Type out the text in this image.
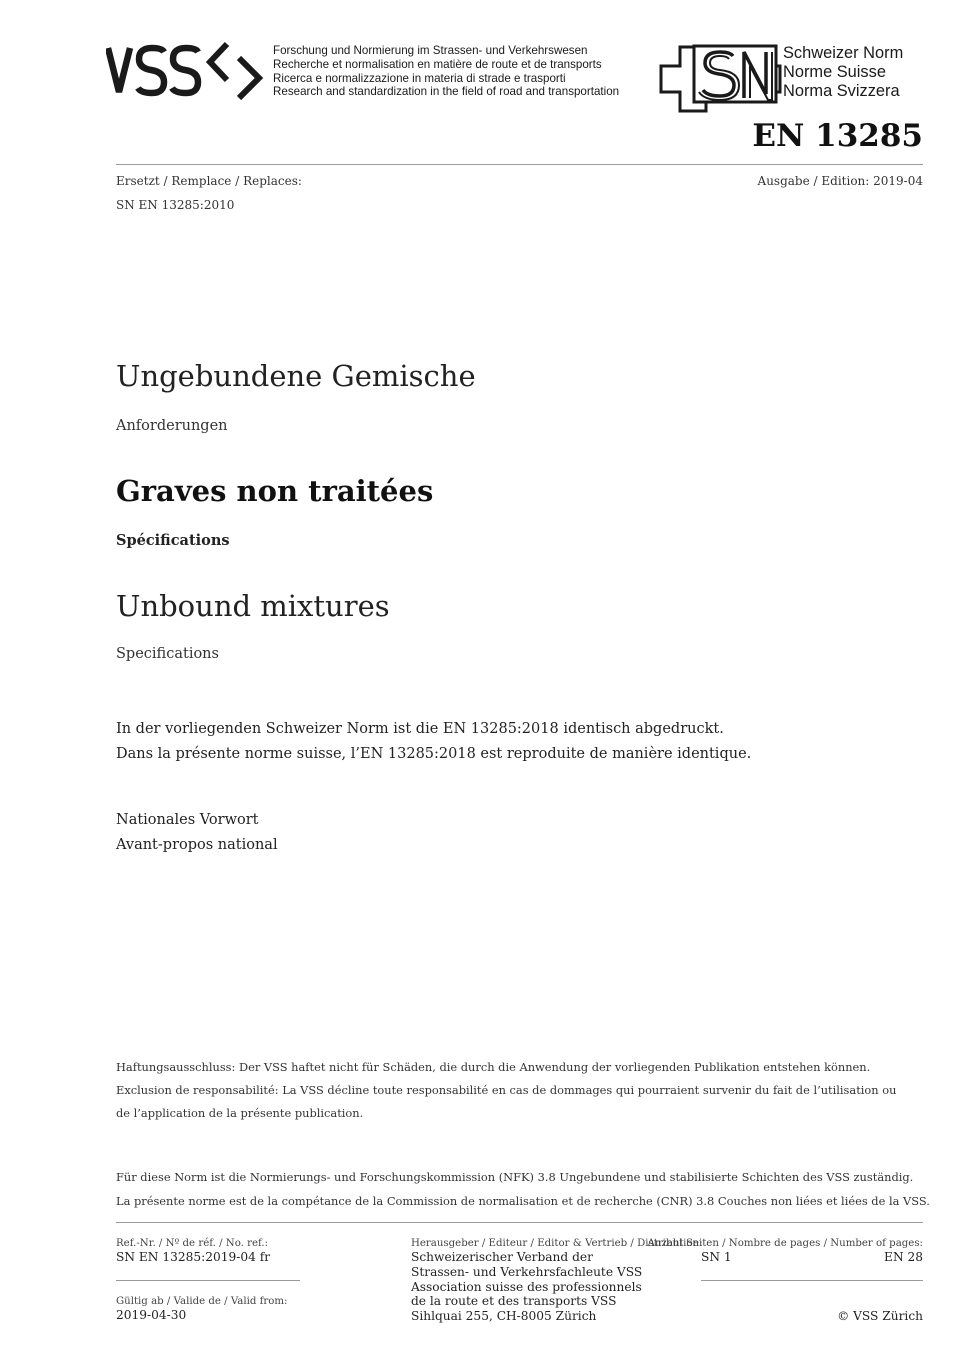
Forschung und Normierung im Strassen- und Verkehrswesen
Recherche et normalisation en matière de route et de transports
Ricerca e normalizzazione in materia di strade e trasporti
Research and standardization in the field of road and transportation
Schweizer Norm
Norme Suisse
Norma Svizzera
EN 13285
Ersetzt / Remplace / Replaces:
SN EN 13285:2010
Ausgabe / Edition: 2019-04
Ungebundene Gemische
Anforderungen
Graves non traitées
Spécifications
Unbound mixtures
Specifications
In der vorliegenden Schweizer Norm ist die EN 13285:2018 identisch abgedruckt.
Dans la présente norme suisse, l’EN 13285:2018 est reproduite de manière identique.
Nationales Vorwort
Avant-propos national
Haftungsausschluss: Der VSS haftet nicht für Schäden, die durch die Anwendung der vorliegenden Publikation entstehen können.
Exclusion de responsabilité: La VSS décline toute responsabilité en cas de dommages qui pourraient survenir du fait de l’utilisation ou
de l’application de la présente publication.
Für diese Norm ist die Normierungs- und Forschungskommission (NFK) 3.8 Ungebundene und stabilisierte Schichten des VSS zuständig.
La présente norme est de la compétance de la Commission de normalisation et de recherche (CNR) 3.8 Couches non liées et liées de la VSS.
Ref.-Nr. / Nº de réf. / No. ref.:
SN EN 13285:2019-04 fr
Gültig ab / Valide de / Valid from:
2019-04-30
Herausgeber / Editeur / Editor & Vertrieb / Distribution:
Schweizerischer Verband der
Strassen- und Verkehrsfachleute VSS
Association suisse des professionnels
de la route et des transports VSS
Sihlquai 255, CH-8005 Zürich
Anzahl Seiten / Nombre de pages / Number of pages:
SN 1	EN 28
© VSS Zürich
